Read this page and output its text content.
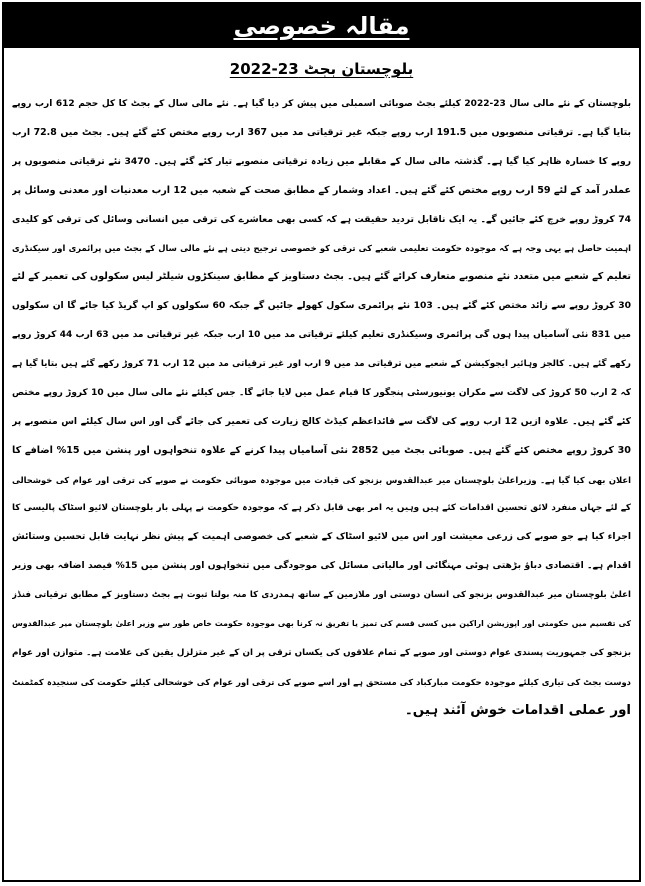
مقالہ خصوصی
بلوچستان بجٹ 23-2022
بلوچستان کے نئے مالی سال 23-2022 کیلئے بجٹ صوبائی اسمبلی میں پیش کر دیا گیا ہے۔ نئے مالی سال کے بجٹ کا کل حجم 612 ارب روپے
بتایا گیا ہے۔ ترقیاتی منصوبوں میں 191.5 ارب روپے جبکہ غیر ترقیاتی مد میں 367 ارب روپے مختص کئے گئے ہیں۔ بجٹ میں 72.8 ارب
روپے کا خسارہ ظاہر کیا گیا ہے۔ گذشتہ مالی سال کے مقابلے میں زیادہ ترقیاتی منصوبے تیار کئے گئے ہیں۔ 3470 نئے ترقیاتی منصوبوں پر
عملدر آمد کے لئے 59 ارب روپے مختص کئے گئے ہیں۔ اعداد وشمار کے مطابق صحت کے شعبہ میں 12 ارب معدنیات اور معدنی وسائل پر
74 کروڑ روپے خرچ کئے جائیں گے۔ یہ ایک ناقابل تردید حقیقت ہے کہ کسی بھی معاشرے کی ترقی میں انسانی وسائل کی ترقی کو کلیدی
اہمیت حاصل ہے یہی وجہ ہے کہ موجودہ حکومت تعلیمی شعبے کی ترقی کو خصوصی ترجیح دیتی ہے نئے مالی سال کے بجٹ میں پرائمری اور سیکنڈری
تعلیم کے شعبے میں متعدد نئے منصوبے متعارف کرائے گئے ہیں۔ بجٹ دستاویز کے مطابق سینکڑوں شیلٹر لیس سکولوں کی تعمیر کے لئے
30 کروڑ روپے سے زائد مختص کئے گئے ہیں۔ 103 نئے پرائمری سکول کھولے جائیں گے جبکہ 60 سکولوں کو اپ گریڈ کیا جائے گا ان سکولوں
میں 831 نئی آسامیاں پیدا ہوں گی پرائمری وسیکنڈری تعلیم کیلئے ترقیاتی مد میں 10 ارب جبکہ غیر ترقیاتی مد میں 63 ارب 44 کروڑ روپے
رکھے گئے ہیں۔ کالجز وہائیر ایجوکیشن کے شعبے میں ترقیاتی مد میں 9 ارب اور غیر ترقیاتی مد میں 12 ارب 71 کروڑ رکھے گئے ہیں بتایا گیا ہے
کہ 2 ارب 50 کروڑ کی لاگت سے مکران یونیورسٹی پنجگور کا قیام عمل میں لایا جائے گا۔ جس کیلئے نئے مالی سال میں 10 کروڑ روپے مختص
کئے گئے ہیں۔ علاوہ ازیں 12 ارب روپے کی لاگت سے قائداعظم کیڈٹ کالج زیارت کی تعمیر کی جائے گی اور اس سال کیلئے اس منصوبے پر
30 کروڑ روپے مختص کئے گئے ہیں۔ صوبائی بجٹ میں 2852 نئی آسامیاں پیدا کرنے کے علاوہ تنخواہوں اور پنشن میں 15% اضافے کا
اعلان بھی کیا گیا ہے۔ وزیراعلیٰ بلوچستان میر عبدالقدوس بزنجو کی قیادت میں موجودہ صوبائی حکومت نے صوبے کی ترقی اور عوام کی خوشحالی
کے لئے جہاں منفرد لائق تحسین اقدامات کئے ہیں وہیں یہ امر بھی قابل ذکر ہے کہ موجودہ حکومت نے پہلی بار بلوچستان لائیو اسٹاک پالیسی کا
اجراء کیا ہے جو صوبے کی زرعی معیشت اور اس میں لائیو اسٹاک کے شعبے کی خصوصی اہمیت کے پیش نظر نہایت قابل تحسین وستائش
اقدام ہے۔ اقتصادی دباؤ بڑھتی ہوئی مہنگائی اور مالیاتی مسائل کی موجودگی میں تنخواہوں اور پنشن میں 15% فیصد اضافہ بھی وزیر
اعلیٰ بلوچستان میر عبدالقدوس بزنجو کی انسان دوستی اور ملازمین کے ساتھ ہمدردی کا منہ بولتا ثبوت ہے بجٹ دستاویز کے مطابق ترقیاتی فنڈز
کی تقسیم میں حکومتی اور اپوزیشن اراکین میں کسی قسم کی تمیز یا تفریق نہ کرنا بھی موجودہ حکومت خاص طور سے وزیر اعلیٰ بلوچستان میر عبدالقدوس
بزنجو کی جمہوریت پسندی عوام دوستی اور صوبے کے تمام علاقوں کی یکساں ترقی پر ان کے غیر متزلزل یقین کی علامت ہے۔ متوازن اور عوام
دوست بجٹ کی تیاری کیلئے موجودہ حکومت مبارکباد کی مستحق ہے اور اسے صوبے کی ترقی اور عوام کی خوشحالی کیلئے حکومت کی سنجیدہ کمٹمنٹ
اور عملی اقدامات خوش آئند ہیں۔
